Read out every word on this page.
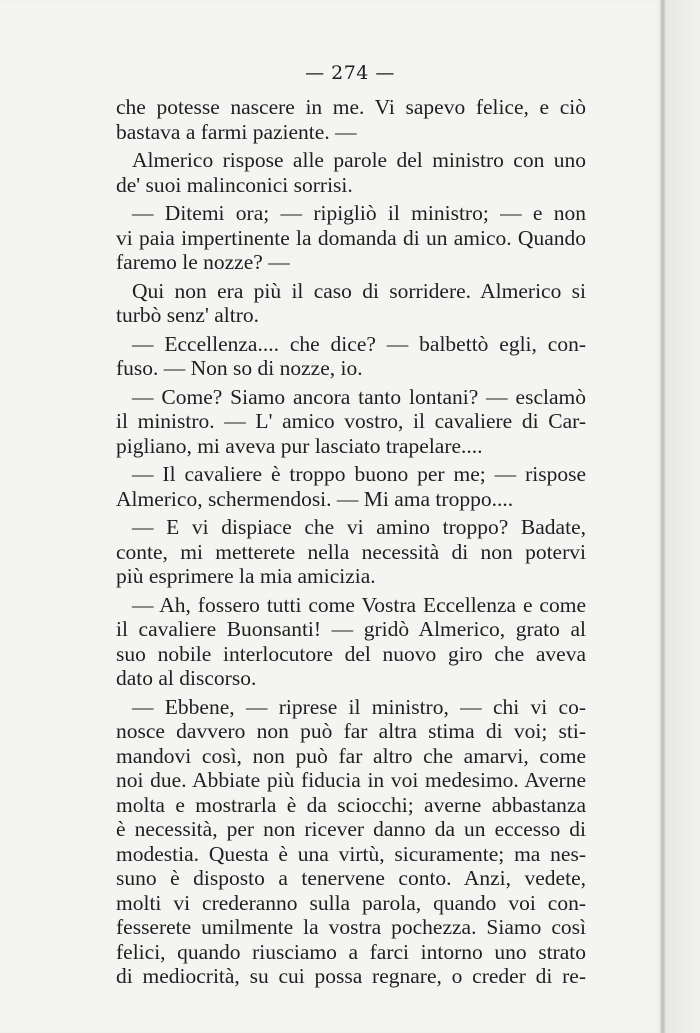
— 274 —
che potesse nascere in me. Vi sapevo felice, e ciò
bastava a farmi paziente. —
Almerico rispose alle parole del ministro con uno
de' suoi malinconici sorrisi.
— Ditemi ora; — ripigliò il ministro; — e non
vi paia impertinente la domanda di un amico. Quando
faremo le nozze? —
Qui non era più il caso di sorridere. Almerico si
turbò senz' altro.
— Eccellenza.... che dice? — balbettò egli, con-
fuso. — Non so di nozze, io.
— Come? Siamo ancora tanto lontani? — esclamò
il ministro. — L' amico vostro, il cavaliere di Car-
pigliano, mi aveva pur lasciato trapelare....
— Il cavaliere è troppo buono per me; — rispose
Almerico, schermendosi. — Mi ama troppo....
— E vi dispiace che vi amino troppo? Badate,
conte, mi metterete nella necessità di non potervi
più esprimere la mia amicizia.
— Ah, fossero tutti come Vostra Eccellenza e come
il cavaliere Buonsanti! — gridò Almerico, grato al
suo nobile interlocutore del nuovo giro che aveva
dato al discorso.
— Ebbene, — riprese il ministro, — chi vi co-
nosce davvero non può far altra stima di voi; sti-
mandovi così, non può far altro che amarvi, come
noi due. Abbiate più fiducia in voi medesimo. Averne
molta e mostrarla è da sciocchi; averne abbastanza
è necessità, per non ricever danno da un eccesso di
modestia. Questa è una virtù, sicuramente; ma nes-
suno è disposto a tenervene conto. Anzi, vedete,
molti vi crederanno sulla parola, quando voi con-
fesserete umilmente la vostra pochezza. Siamo così
felici, quando riusciamo a farci intorno uno strato
di mediocrità, su cui possa regnare, o creder di re-
